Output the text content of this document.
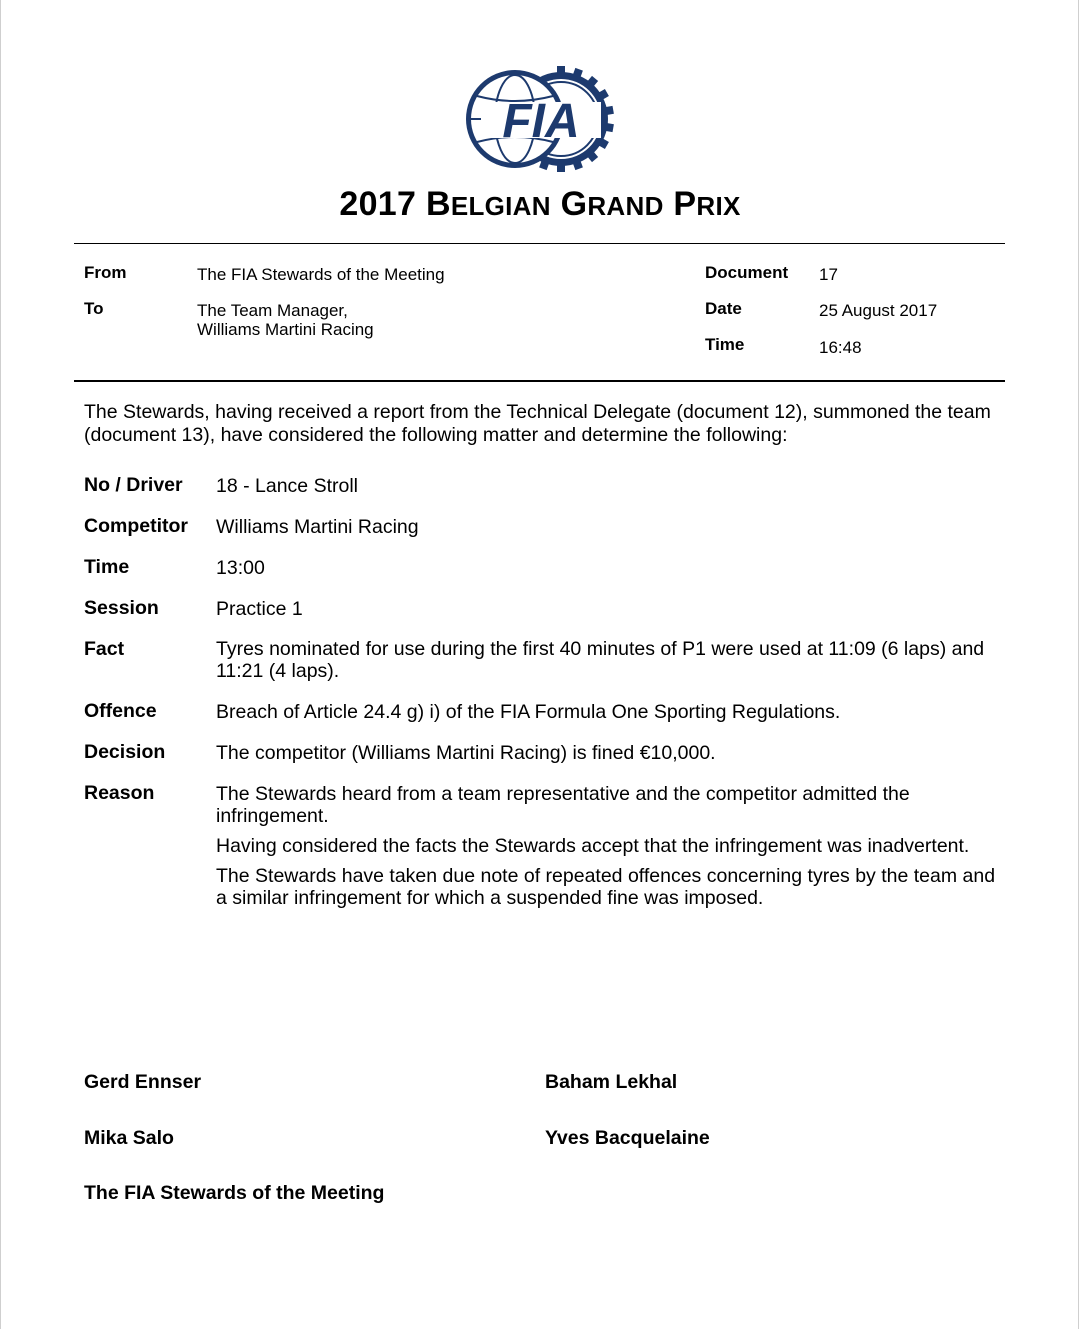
FIA
2017 BELGIAN GRAND PRIX
From	The FIA Stewards of the Meeting
To	The Team Manager,
Williams Martini Racing
Document 17
Date	25 August 2017
Time	16:48
The Stewards, having received a report from the Technical Delegate (document 12), summoned the team (document 13), have considered the following matter and determine the following:
No / Driver 18 - Lance Stroll
Competitor Williams Martini Racing
Time	13:00
Session	Practice 1
Fact	Tyres nominated for use during the first 40 minutes of P1 were used at 11:09 (6 laps) and 11:21 (4 laps).
Offence	Breach of Article 24.4 g) i) of the FIA Formula One Sporting Regulations.
Decision	The competitor (Williams Martini Racing) is fined €10,000.
Reason	The Stewards heard from a team representative and the competitor admitted the infringement.

Having considered the facts the Stewards accept that the infringement was inadvertent.

The Stewards have taken due note of repeated offences concerning tyres by the team and a similar infringement for which a suspended fine was imposed.

Gerd Ennser	Baham Lekhal
Mika Salo	Yves Bacquelaine
The FIA Stewards of the Meeting
